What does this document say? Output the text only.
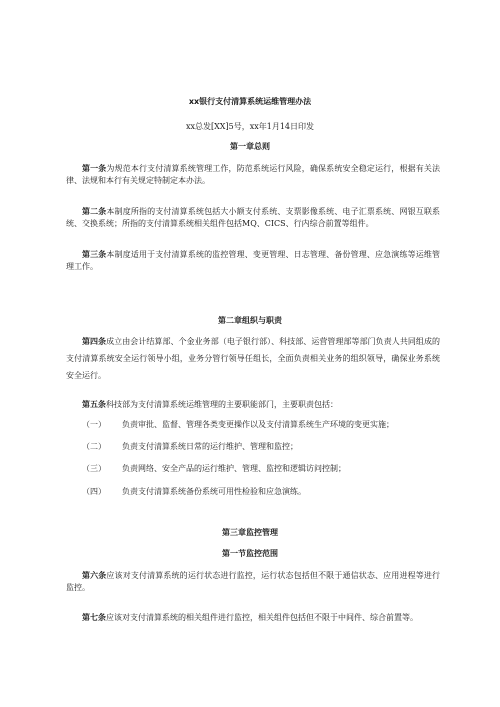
xx银行支付清算系统运维管理办法
xx总发[XX]5号，xx年1月14日印发
第一章总则

第一条为规范本行支付清算系统管理工作，防范系统运行风险，确保系统安全稳定运行，根据有关法律、法规和本行有关规定特制定本办法。

第二条本制度所指的支付清算系统包括大小额支付系统、支票影像系统、电子汇票系统、网银互联系统、交换系统；所指的支付清算系统相关组件包括MQ、CICS、行内综合前置等组件。

第三条本制度适用于支付清算系统的监控管理、变更管理、日志管理、备份管理、应急演练等运维管理工作。

第二章组织与职责

第四条成立由会计结算部、个金业务部（电子银行部）、科技部、运营管理部等部门负责人共同组成的支付清算系统安全运行领导小组，业务分管行领导任组长，全面负责相关业务的组织领导，确保业务系统安全运行。

第五条科技部为支付清算系统运维管理的主要职能部门，主要职责包括：

（一）	负责审批、监督、管理各类变更操作以及支付清算系统生产环境的变更实施；
（二）	负责支付清算系统日常的运行维护、管理和监控；
（三）	负责网络、安全产品的运行维护、管理、监控和逻辑访问控制；
（四）	负责支付清算系统备份系统可用性检验和应急演练。
第三章监控管理
第一节监控范围

第六条应该对支付清算系统的运行状态进行监控，运行状态包括但不限于通信状态、应用进程等进行监控。

第七条应该对支付清算系统的相关组件进行监控，相关组件包括但不限于中间件、综合前置等。
